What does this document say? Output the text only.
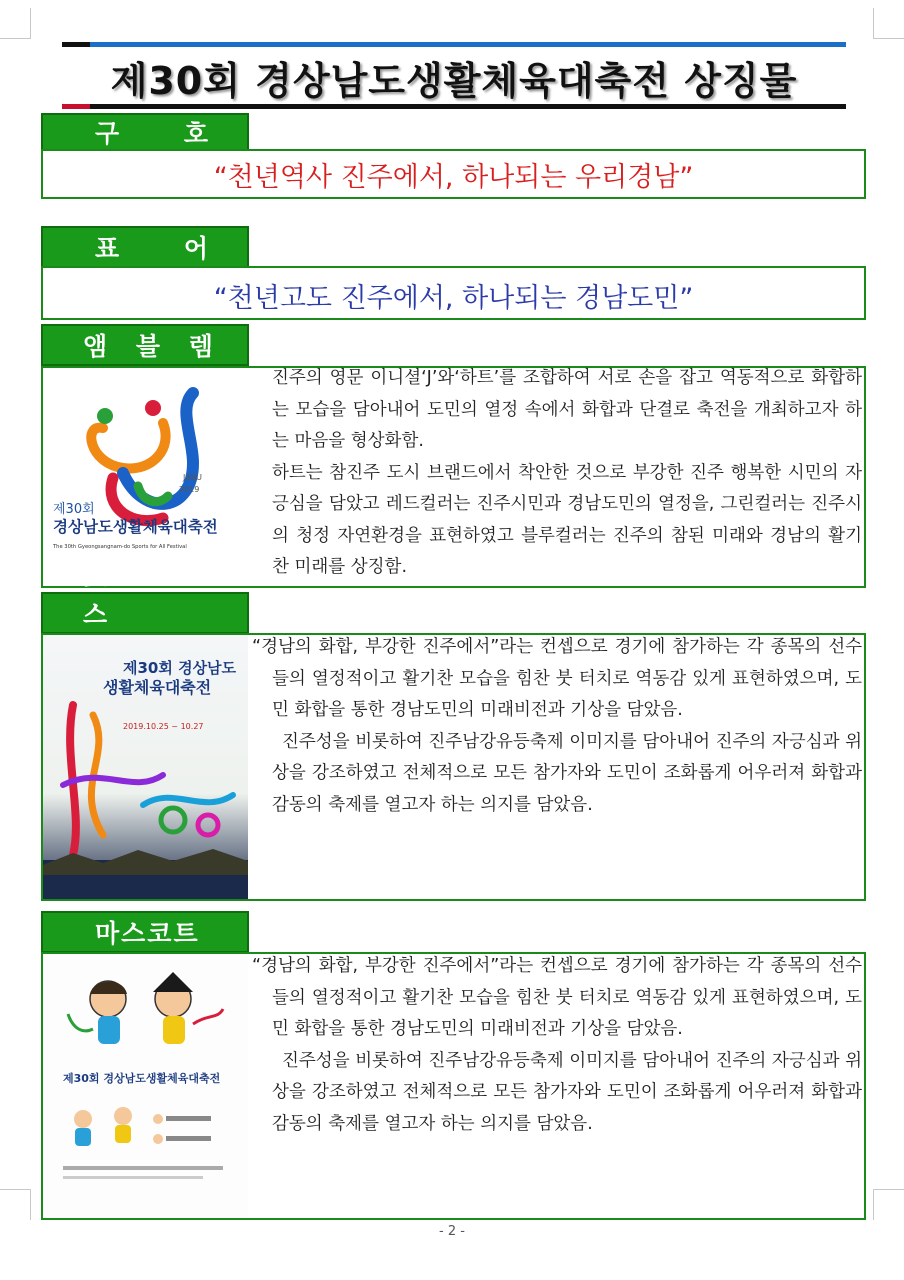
제30회 경상남도생활체육대축전 상징물
구 호
“천년역사 진주에서, 하나되는 우리경남”
표 어
“천년고도 진주에서, 하나되는 경남도민”
앰 블 렘
JINJU
2019
제30회
경상남도생활체육대축전
The 30th Gyeongsangnam-do Sports for All Festival

진주의 영문 이니셜‘J’와‘하트’를 조합하여 서로 손을 잡고 역동적으로 화합하는 모습을 담아내어 도민의 열정 속에서 화합과 단결로 축전을 개최하고자 하는 마음을 형상화함.

하트는 참진주 도시 브랜드에서 착안한 것으로 부강한 진주 행복한 시민의 자긍심을 담았고 레드컬러는 진주시민과 경남도민의 열정을, 그린컬러는 진주시의 청정 자연환경을 표현하였고 블루컬러는 진주의 참된 미래와 경남의 활기찬 미래를 상징함.

스
제30회 경상남도
생활체육대축전
2019.10.25 ~ 10.27

“경남의 화합, 부강한 진주에서”라는 컨셉으로 경기에 참가하는 각 종목의 선수들의 열정적이고 활기찬 모습을 힘찬 붓 터치로 역동감 있게 표현하였으며, 도민 화합을 통한 경남도민의 미래비전과 기상을 담았음.

진주성을 비롯하여 진주남강유등축제 이미지를 담아내어 진주의 자긍심과 위상을 강조하였고 전체적으로 모든 참가자와 도민이 조화롭게 어우러져 화합과 감동의 축제를 열고자 하는 의지를 담았음.

마스코트
제30회 경상남도생활체육대축전

“경남의 화합, 부강한 진주에서”라는 컨셉으로 경기에 참가하는 각 종목의 선수들의 열정적이고 활기찬 모습을 힘찬 붓 터치로 역동감 있게 표현하였으며, 도민 화합을 통한 경남도민의 미래비전과 기상을 담았음.

진주성을 비롯하여 진주남강유등축제 이미지를 담아내어 진주의 자긍심과 위상을 강조하였고 전체적으로 모든 참가자와 도민이 조화롭게 어우러져 화합과 감동의 축제를 열고자 하는 의지를 담았음.

- 2 -
